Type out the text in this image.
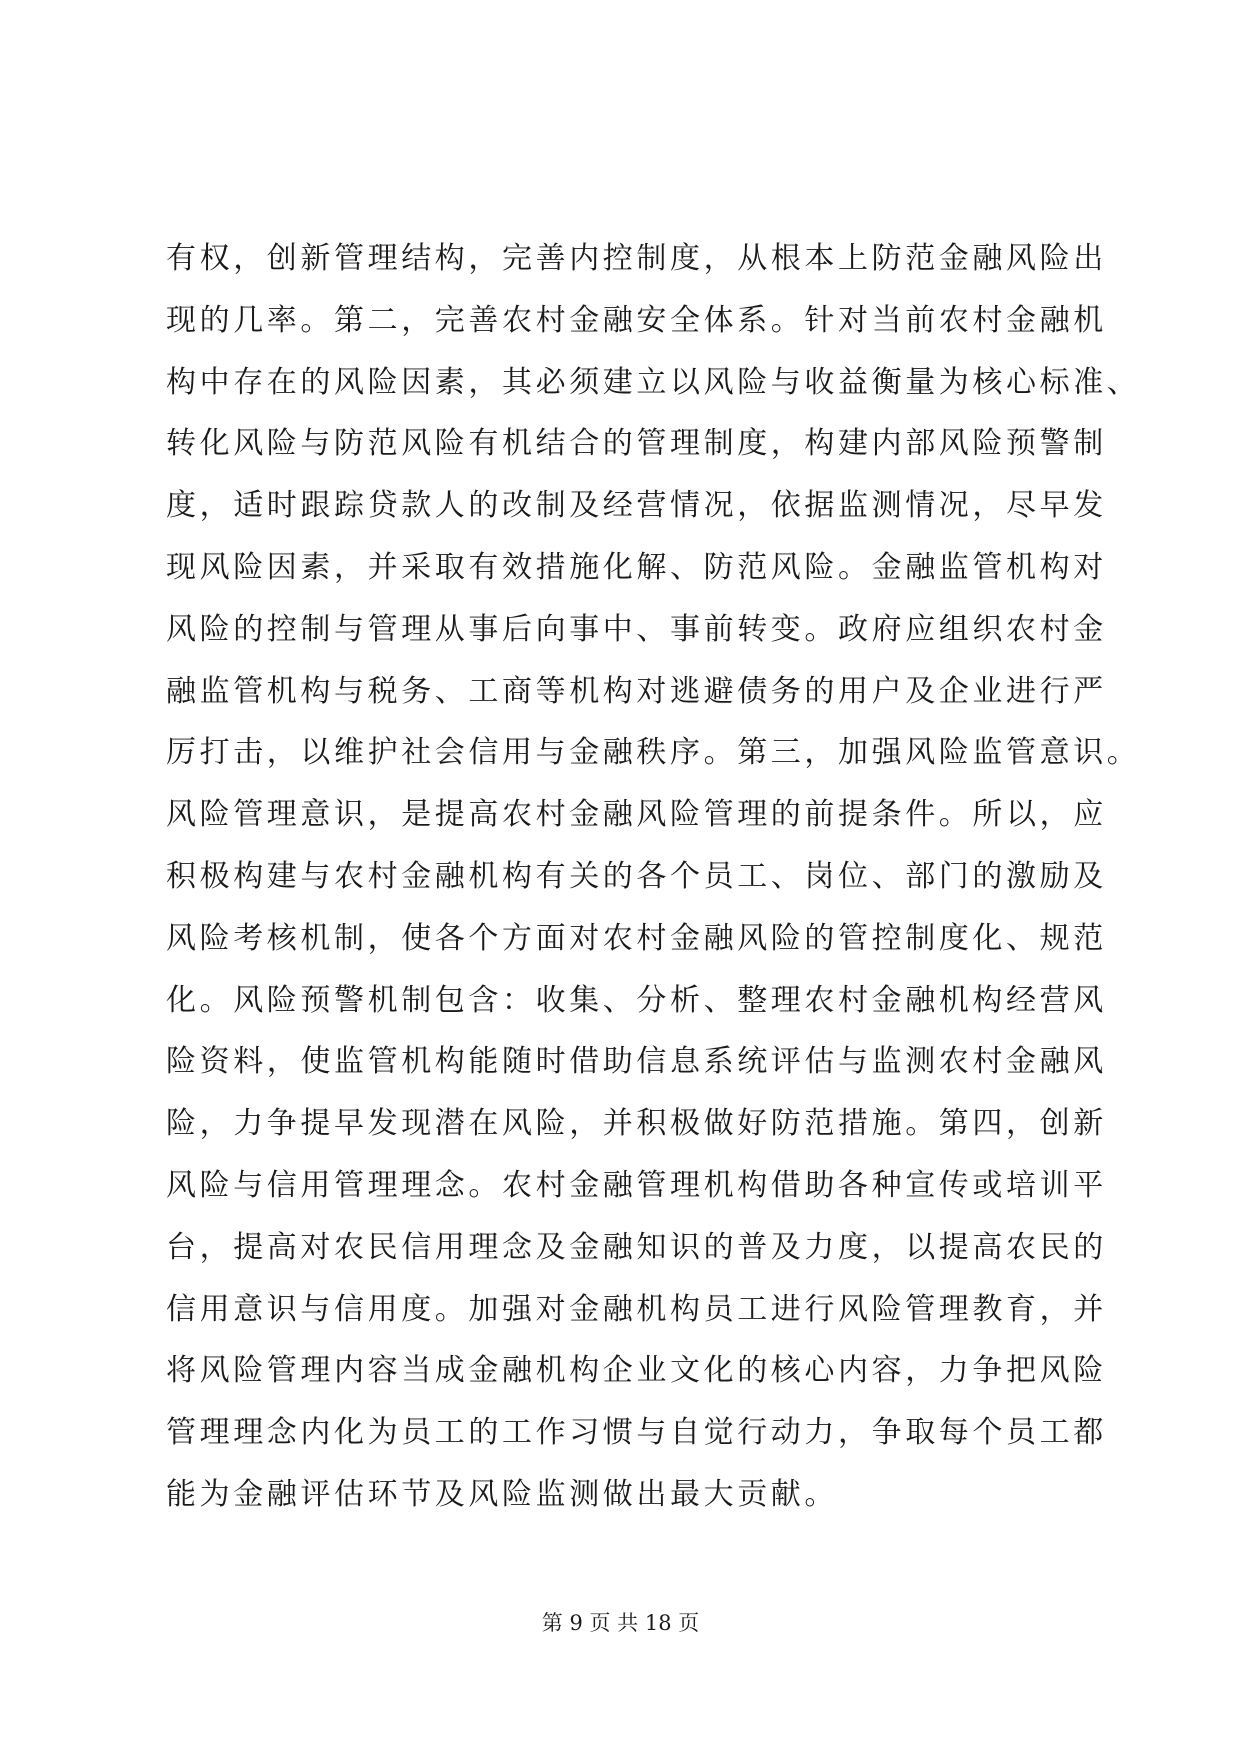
有权，创新管理结构，完善内控制度，从根本上防范金融风险出
现的几率。第二，完善农村金融安全体系。针对当前农村金融机
构中存在的风险因素，其必须建立以风险与收益衡量为核心标准、
转化风险与防范风险有机结合的管理制度，构建内部风险预警制
度，适时跟踪贷款人的改制及经营情况，依据监测情况，尽早发
现风险因素，并采取有效措施化解、防范风险。金融监管机构对
风险的控制与管理从事后向事中、事前转变。政府应组织农村金
融监管机构与税务、工商等机构对逃避债务的用户及企业进行严
厉打击，以维护社会信用与金融秩序。第三，加强风险监管意识。
风险管理意识，是提高农村金融风险管理的前提条件。所以，应
积极构建与农村金融机构有关的各个员工、岗位、部门的激励及
风险考核机制，使各个方面对农村金融风险的管控制度化、规范
化。风险预警机制包含：收集、分析、整理农村金融机构经营风
险资料，使监管机构能随时借助信息系统评估与监测农村金融风
险，力争提早发现潜在风险，并积极做好防范措施。第四，创新
风险与信用管理理念。农村金融管理机构借助各种宣传或培训平
台，提高对农民信用理念及金融知识的普及力度，以提高农民的
信用意识与信用度。加强对金融机构员工进行风险管理教育，并
将风险管理内容当成金融机构企业文化的核心内容，力争把风险
管理理念内化为员工的工作习惯与自觉行动力，争取每个员工都
能为金融评估环节及风险监测做出最大贡献。
第 9 页 共 18 页
